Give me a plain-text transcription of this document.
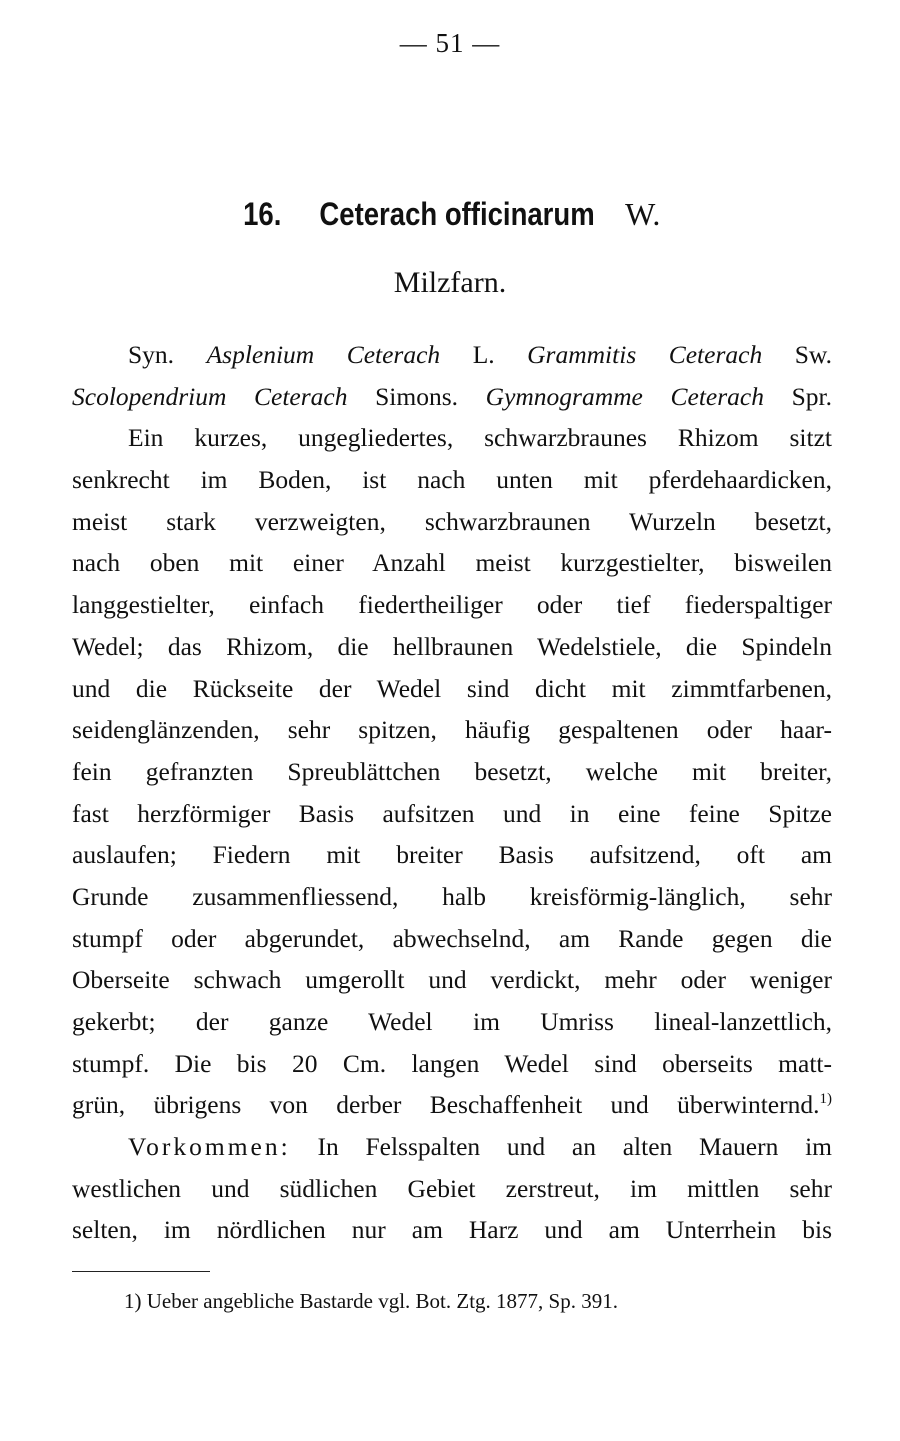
— 51 —
16. Ceterach officinarum W.
Milzfarn.
Syn. Asplenium Ceterach L. Grammitis Ceterach Sw.
Scolopendrium Ceterach Simons. Gymnogramme Ceterach Spr.
Ein kurzes, ungegliedertes, schwarzbraunes Rhizom sitzt
senkrecht im Boden, ist nach unten mit pferdehaardicken,
meist stark verzweigten, schwarzbraunen Wurzeln besetzt,
nach oben mit einer Anzahl meist kurzgestielter, bisweilen
langgestielter, einfach fiedertheiliger oder tief fiederspaltiger
Wedel; das Rhizom, die hellbraunen Wedelstiele, die Spindeln
und die Rückseite der Wedel sind dicht mit zimmtfarbenen,
seidenglänzenden, sehr spitzen, häufig gespaltenen oder haar-
fein gefranzten Spreublättchen besetzt, welche mit breiter,
fast herzförmiger Basis aufsitzen und in eine feine Spitze
auslaufen; Fiedern mit breiter Basis aufsitzend, oft am
Grunde zusammenfliessend, halb kreisförmig-länglich, sehr
stumpf oder abgerundet, abwechselnd, am Rande gegen die
Oberseite schwach umgerollt und verdickt, mehr oder weniger
gekerbt; der ganze Wedel im Umriss lineal-lanzettlich,
stumpf. Die bis 20 Cm. langen Wedel sind oberseits matt-
grün, übrigens von derber Beschaffenheit und überwinternd.$^{1)}$
Vorkommen: In Felsspalten und an alten Mauern im
westlichen und südlichen Gebiet zerstreut, im mittlen sehr
selten, im nördlichen nur am Harz und am Unterrhein bis
1) Ueber angebliche Bastarde vgl. Bot. Ztg. 1877, Sp. 391.
